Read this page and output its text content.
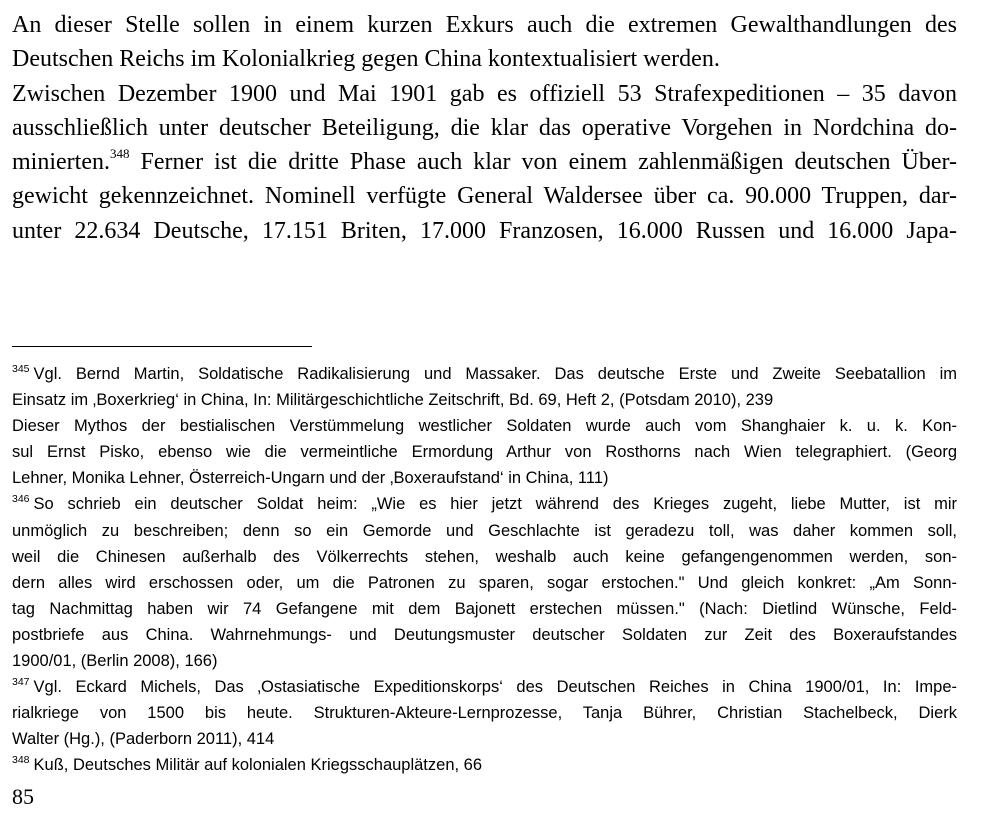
An dieser Stelle sollen in einem kurzen Exkurs auch die extremen Gewalthandlungen des
Deutschen Reichs im Kolonialkrieg gegen China kontextualisiert werden.
Zwischen Dezember 1900 und Mai 1901 gab es offiziell 53 Strafexpeditionen – 35 davon
ausschließlich unter deutscher Beteiligung, die klar das operative Vorgehen in Nordchina do-
minierten.$^{348}$ Ferner ist die dritte Phase auch klar von einem zahlenmäßigen deutschen Über-
gewicht gekennzeichnet. Nominell verfügte General Waldersee über ca. 90.000 Truppen, dar-
unter 22.634 Deutsche, 17.151 Briten, 17.000 Franzosen, 16.000 Russen und 16.000 Japa-
$^{345}$ Vgl. Bernd Martin, Soldatische Radikalisierung und Massaker. Das deutsche Erste und Zweite Seebatallion im
Einsatz im ‚Boxerkrieg‘ in China, In: Militärgeschichtliche Zeitschrift, Bd. 69, Heft 2, (Potsdam 2010), 239
Dieser Mythos der bestialischen Verstümmelung westlicher Soldaten wurde auch vom Shanghaier k. u. k. Kon-
sul Ernst Pisko, ebenso wie die vermeintliche Ermordung Arthur von Rosthorns nach Wien telegraphiert. (Georg
Lehner, Monika Lehner, Österreich-Ungarn und der ‚Boxeraufstand‘ in China, 111)
$^{346}$ So schrieb ein deutscher Soldat heim: „Wie es hier jetzt während des Krieges zugeht, liebe Mutter, ist mir
unmöglich zu beschreiben; denn so ein Gemorde und Geschlachte ist geradezu toll, was daher kommen soll,
weil die Chinesen außerhalb des Völkerrechts stehen, weshalb auch keine gefangengenommen werden, son-
dern alles wird erschossen oder, um die Patronen zu sparen, sogar erstochen." Und gleich konkret: „Am Sonn-
tag Nachmittag haben wir 74 Gefangene mit dem Bajonett erstechen müssen." (Nach: Dietlind Wünsche, Feld-
postbriefe aus China. Wahrnehmungs- und Deutungsmuster deutscher Soldaten zur Zeit des Boxeraufstandes
1900/01, (Berlin 2008), 166)
$^{347}$ Vgl. Eckard Michels, Das ‚Ostasiatische Expeditionskorps‘ des Deutschen Reiches in China 1900/01, In: Impe-
rialkriege von 1500 bis heute. Strukturen-Akteure-Lernprozesse, Tanja Bührer, Christian Stachelbeck, Dierk
Walter (Hg.), (Paderborn 2011), 414
$^{348}$ Kuß, Deutsches Militär auf kolonialen Kriegsschauplätzen, 66
85
